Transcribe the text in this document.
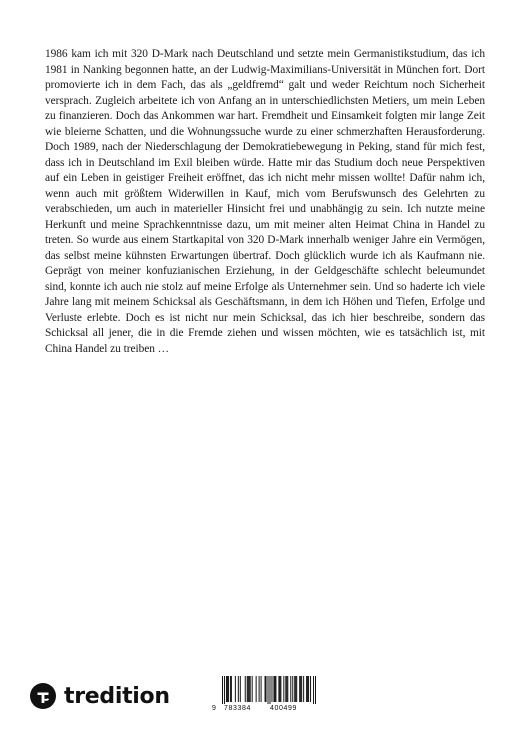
1986 kam ich mit 320 D-Mark nach Deutschland und setzte mein Germanistikstudium, das ich 1981 in Nanking begonnen hatte, an der Ludwig-Maximilians-Universität in München fort. Dort promovierte ich in dem Fach, das als „geldfremd“ galt und weder Reichtum noch Sicherheit versprach. Zugleich arbeitete ich von Anfang an in unterschiedlichsten Metiers, um mein Leben zu finanzieren. Doch das Ankommen war hart. Fremdheit und Einsamkeit folgten mir lange Zeit wie bleierne Schatten, und die Wohnungssuche wurde zu einer schmerzhaften Herausforderung. Doch 1989, nach der Niederschlagung der Demokratiebewegung in Peking, stand für mich fest, dass ich in Deutschland im Exil bleiben würde. Hatte mir das Studium doch neue Perspektiven auf ein Leben in geistiger Freiheit eröffnet, das ich nicht mehr missen wollte! Dafür nahm ich, wenn auch mit größtem Widerwillen in Kauf, mich vom Berufswunsch des Gelehrten zu verabschieden, um auch in materieller Hinsicht frei und unabhängig zu sein. Ich nutzte meine Herkunft und meine Sprachkenntnisse dazu, um mit meiner alten Heimat China in Handel zu treten. So wurde aus einem Startkapital von 320 D-Mark innerhalb weniger Jahre ein Vermögen, das selbst meine kühnsten Erwartungen übertraf. Doch glücklich wurde ich als Kaufmann nie. Geprägt von meiner konfuzianischen Erziehung, in der Geldgeschäfte schlecht beleumundet sind, konnte ich auch nie stolz auf meine Erfolge als Unternehmer sein. Und so haderte ich viele Jahre lang mit meinem Schicksal als Geschäftsmann, in dem ich Höhen und Tiefen, Erfolge und Verluste erlebte. Doch es ist nicht nur mein Schicksal, das ich hier beschreibe, sondern das Schicksal all jener, die in die Fremde ziehen und wissen möchten, wie es tatsächlich ist, mit China Handel zu treiben …

tredition	9 783384	400499
